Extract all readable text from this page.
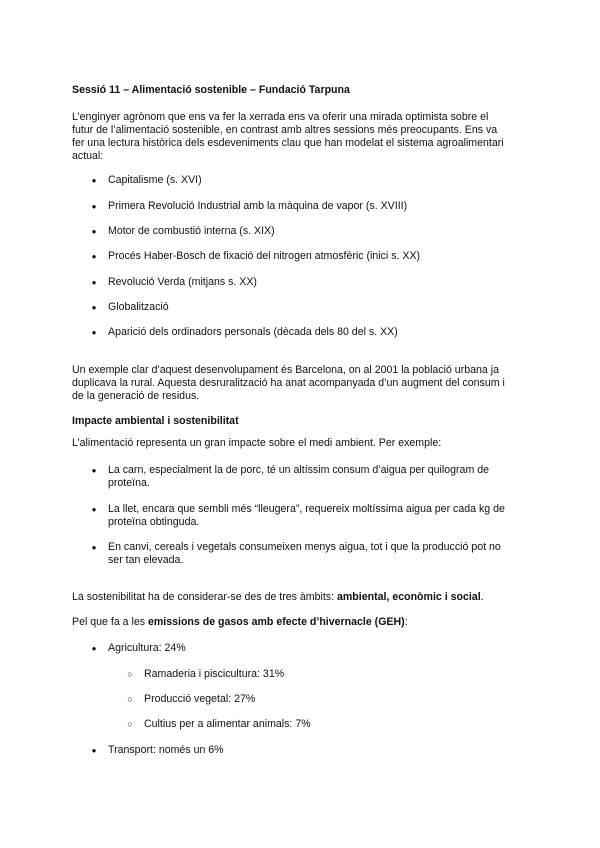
Sessió 11 – Alimentació sostenible – Fundació Tarpuna
L’enginyer agrònom que ens va fer la xerrada ens va oferir una mirada optimista sobre el
futur de l’alimentació sostenible, en contrast amb altres sessions més preocupants. Ens va
fer una lectura històrica dels esdeveniments clau que han modelat el sistema agroalimentari
actual:
●
Capitalisme (s. XVI)
●
Primera Revolució Industrial amb la màquina de vapor (s. XVIII)
●
Motor de combustió interna (s. XIX)
●
Procés Haber-Bosch de fixació del nitrogen atmosfèric (inici s. XX)
●
Revolució Verda (mitjans s. XX)
●
Globalització
●
Aparició dels ordinadors personals (dècada dels 80 del s. XX)
Un exemple clar d’aquest desenvolupament és Barcelona, on al 2001 la població urbana ja
duplicava la rural. Aquesta desruralització ha anat acompanyada d’un augment del consum i
de la generació de residus.
Impacte ambiental i sostenibilitat
L’alimentació representa un gran impacte sobre el medi ambient. Per exemple:
●
La carn, especialment la de porc, té un altíssim consum d’aigua per quilogram de
proteïna.
●
La llet, encara que sembli més “lleugera”, requereix moltíssima aigua per cada kg de
proteïna obtinguda.
●
En canvi, cereals i vegetals consumeixen menys aigua, tot i que la producció pot no
ser tan elevada.
La sostenibilitat ha de considerar-se des de tres àmbits: ambiental, econòmic i social.
Pel que fa a les emissions de gasos amb efecte d’hivernacle (GEH):
●
Agricultura: 24%
○
Ramaderia i piscicultura: 31%
○
Producció vegetal: 27%
○
Cultius per a alimentar animals: 7%
●
Transport: només un 6%
